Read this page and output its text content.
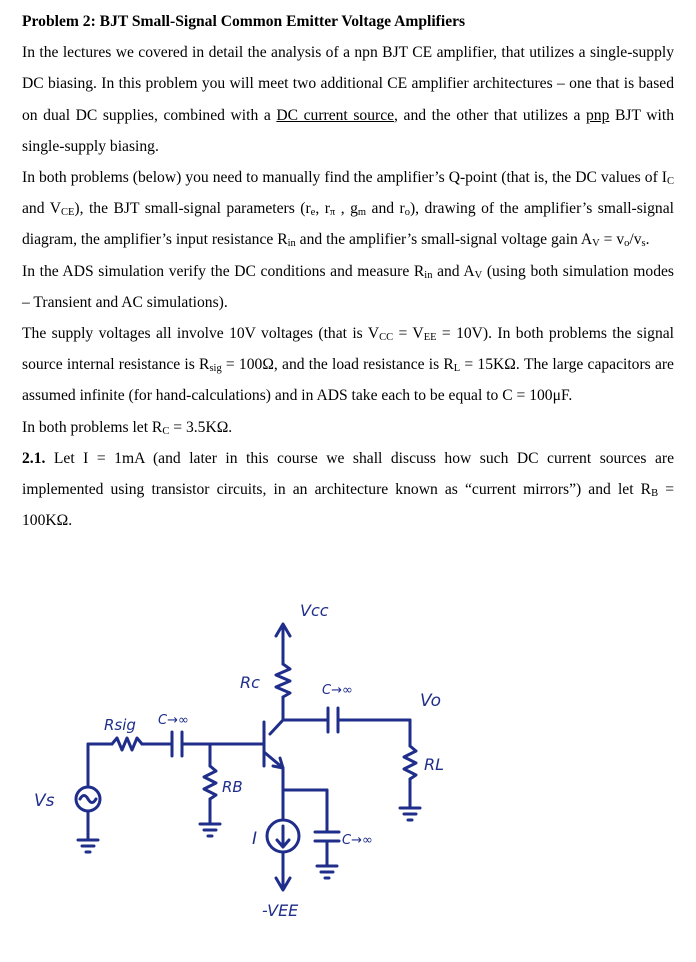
Problem 2: BJT Small-Signal Common Emitter Voltage Amplifiers

In the lectures we covered in detail the analysis of a npn BJT CE amplifier, that utilizes a single-supply DC biasing. In this problem you will meet two additional CE amplifier architectures – one that is based on dual DC supplies, combined with a DC current source, and the other that utilizes a pnp BJT with single-supply biasing.

In both problems (below) you need to manually find the amplifier’s Q-point (that is, the DC values of $I_C$ and $V_{CE}$), the BJT small-signal parameters ($r_e$, $r_\pi$ , $g_m$ and $r_o$), drawing of the amplifier’s small-signal diagram, the amplifier’s input resistance $R_{in}$ and the amplifier’s small-signal voltage gain $A_V = v_o/v_s$.

In the ADS simulation verify the DC conditions and measure $R_{in}$ and $A_V$ (using both simulation modes – Transient and AC simulations).

The supply voltages all involve 10V voltages (that is $V_{CC} = V_{EE} = 10V$). In both problems the signal source internal resistance is $R_{sig} = 100\Omega$, and the load resistance is $R_L = 15K\Omega$. The large capacitors are assumed infinite (for hand-calculations) and in ADS take each to be equal to C = 100μF.

In both problems let $R_C = 3.5K\Omega$.

2.1. Let I = 1mA (and later in this course we shall discuss how such DC current sources are implemented using transistor circuits, in an architecture known as “current mirrors”) and let $R_B = 100K\Omega$.

Vcc
Rc	C→∞
Vo
RL
Rsig C→∞
RB
Vs
I	C→∞
-VEE
